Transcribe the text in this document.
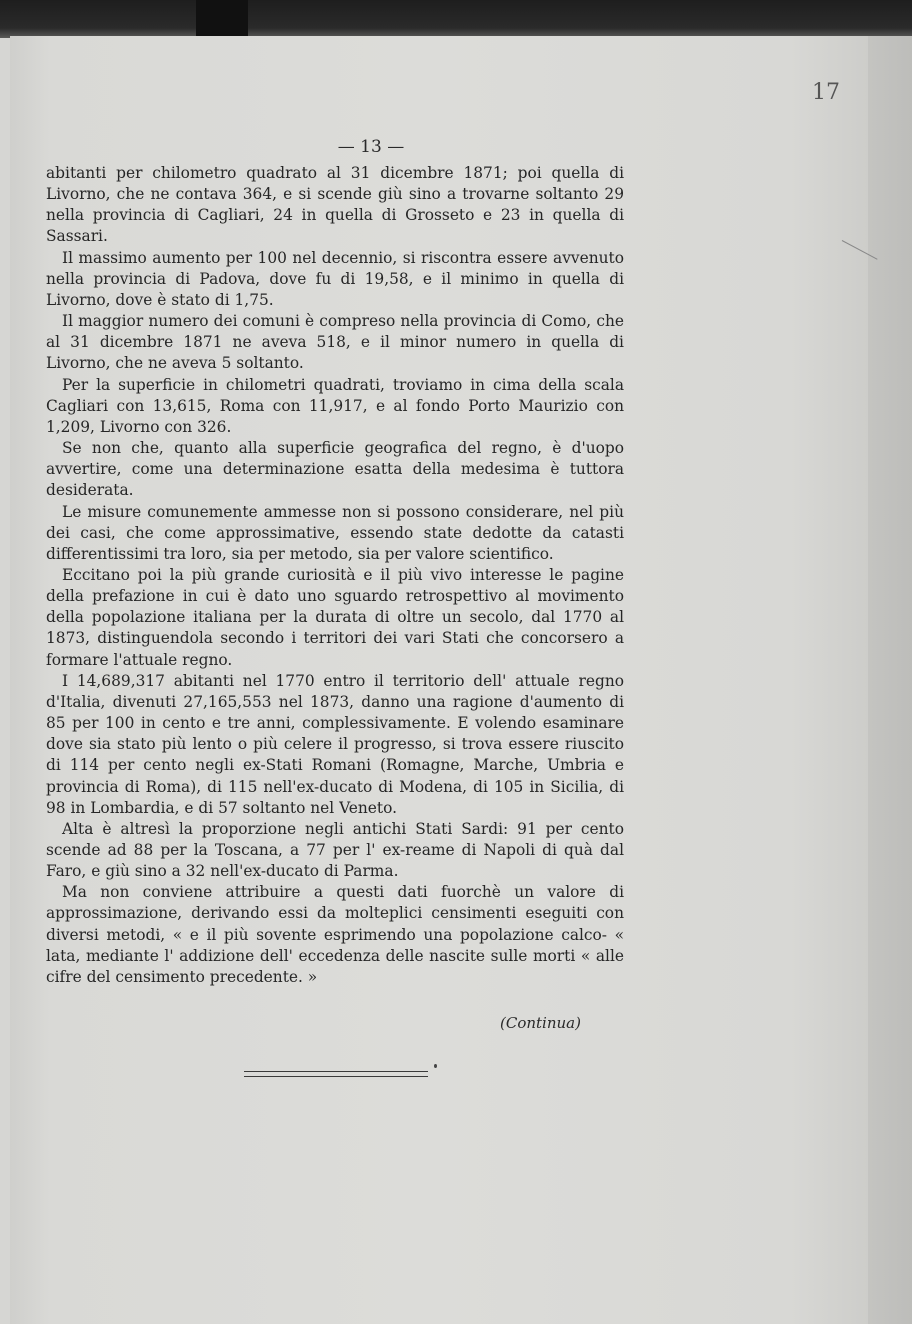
17
— 13 —

abitanti per chilometro quadrato al 31 dicembre 1871; poi quella di Livorno, che ne contava 364, e si scende giù sino a trovarne soltanto 29 nella provincia di Cagliari, 24 in quella di Grosseto e 23 in quella di Sassari.

Il massimo aumento per 100 nel decennio, si riscontra essere avvenuto nella provincia di Padova, dove fu di 19,58, e il minimo in quella di Livorno, dove è stato di 1,75.

Il maggior numero dei comuni è compreso nella provincia di Como, che al 31 dicembre 1871 ne aveva 518, e il minor numero in quella di Livorno, che ne aveva 5 soltanto.

Per la superficie in chilometri quadrati, troviamo in cima della scala Cagliari con 13,615, Roma con 11,917, e al fondo Porto Maurizio con 1,209, Livorno con 326.

Se non che, quanto alla superficie geografica del regno, è d'uopo avvertire, come una determinazione esatta della medesima è tuttora desiderata.

Le misure comunemente ammesse non si possono considerare, nel più dei casi, che come approssimative, essendo state dedotte da catasti differentissimi tra loro, sia per metodo, sia per valore scientifico.

Eccitano poi la più grande curiosità e il più vivo interesse le pagine della prefazione in cui è dato uno sguardo retrospettivo al movimento della popolazione italiana per la durata di oltre un secolo, dal 1770 al 1873, distinguendola secondo i territori dei vari Stati che concorsero a formare l'attuale regno.

I 14,689,317 abitanti nel 1770 entro il territorio dell' attuale regno d'Italia, divenuti 27,165,553 nel 1873, danno una ragione d'aumento di 85 per 100 in cento e tre anni, complessivamente. E volendo esaminare dove sia stato più lento o più celere il progresso, si trova essere riuscito di 114 per cento negli ex-Stati Romani (Romagne, Marche, Umbria e provincia di Roma), di 115 nell'ex-ducato di Modena, di 105 in Sicilia, di 98 in Lombardia, e di 57 soltanto nel Veneto.

Alta è altresì la proporzione negli antichi Stati Sardi: 91 per cento scende ad 88 per la Toscana, a 77 per l' ex-reame di Napoli di quà dal Faro, e giù sino a 32 nell'ex-ducato di Parma.

Ma non conviene attribuire a questi dati fuorchè un valore di approssimazione, derivando essi da molteplici censimenti eseguiti con diversi metodi, « e il più sovente esprimendo una popolazione calco- « lata, mediante l' addizione dell' eccedenza delle nascite sulle morti « alle cifre del censimento precedente. »

(Continua)
